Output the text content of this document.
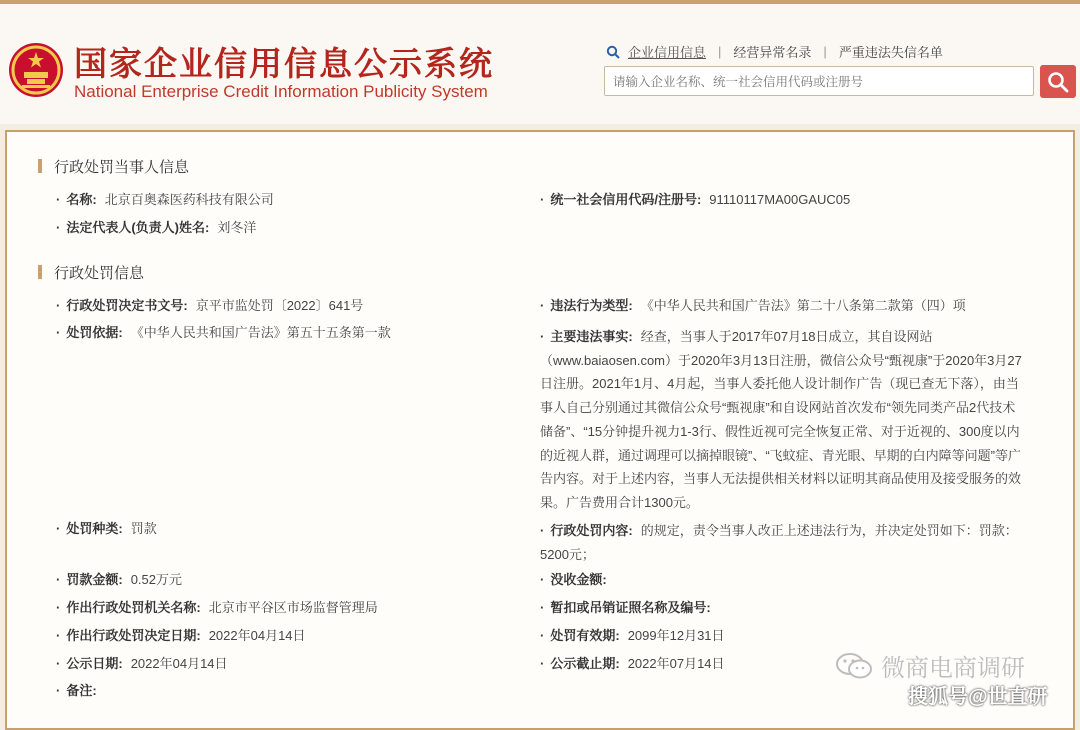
国家企业信用信息公示系统
National Enterprise Credit Information Publicity System
企业信用信息 | 经营异常名录 | 严重违法失信名单
请输入企业名称、统一社会信用代码或注册号
行政处罚当事人信息
· 名称: 北京百奥森医药科技有限公司	· 统一社会信用代码/注册号: 91110117MA00GAUC05
· 法定代表人(负责人)姓名: 刘冬洋
行政处罚信息
· 行政处罚决定书文号: 京平市监处罚〔2022〕641号	· 违法行为类型: 《中华人民共和国广告法》第二十八条第二款第（四）项
· 处罚依据: 《中华人民共和国广告法》第五十五条第一款	· 主要违法事实: 经查，当事人于2017年07月18日成立，其自设网站（www.baiaosen.com）于2020年3月13日注册，微信公众号“甄视康”于2020年3月27日注册。2021年1月、4月起，当事人委托他人设计制作广告（现已查无下落），由当事人自己分别通过其微信公众号“甄视康”和自设网站首次发布“领先同类产品2代技术储备”、“15分钟提升视力1-3行、假性近视可完全恢复正常、对于近视的、300度以内的近视人群，通过调理可以摘掉眼镜”、“飞蚊症、青光眼、早期的白内障等问题”等广告内容。对于上述内容，当事人无法提供相关材料以证明其商品使用及接受服务的效果。广告费用合计1300元。
· 处罚种类: 罚款	· 行政处罚内容: 的规定，责令当事人改正上述违法行为，并决定处罚如下：罚款：5200元；
· 罚款金额: 0.52万元	· 没收金额:
· 作出行政处罚机关名称: 北京市平谷区市场监督管理局	· 暂扣或吊销证照名称及编号:
· 作出行政处罚决定日期: 2022年04月14日	· 处罚有效期: 2099年12月31日
· 公示日期: 2022年04月14日	· 公示截止期: 2022年07月14日
· 备注:
微商电商调研
搜狐号@世直研
